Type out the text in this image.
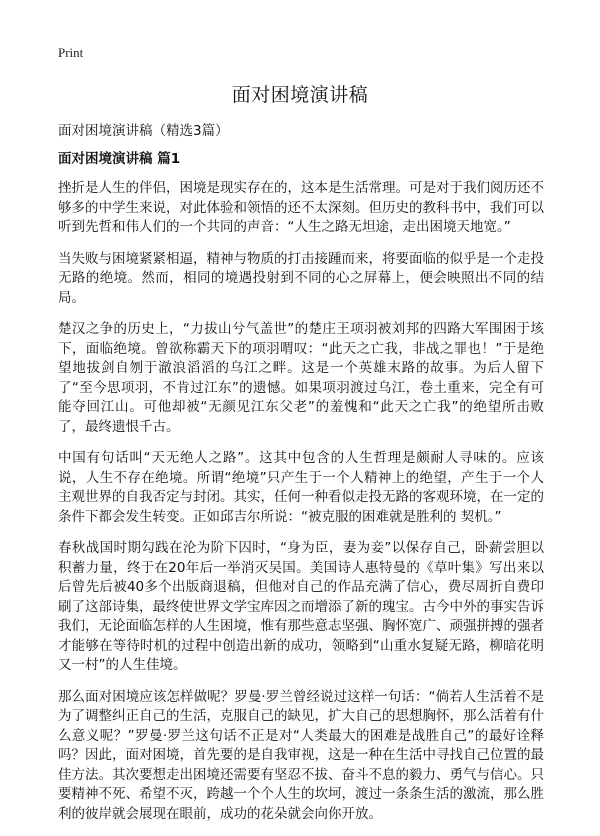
Print
面对困境演讲稿

面对困境演讲稿（精选3篇）

面对困境演讲稿 篇1

挫折是人生的伴侣，困境是现实存在的，这本是生活常理。可是对于我们阅历还不够多的中学生来说，对此体验和领悟的还不太深刻。但历史的教科书中，我们可以听到先哲和伟人们的一个共同的声音：“人生之路无坦途，走出困境天地宽。”

当失败与困境紧紧相逼，精神与物质的打击接踵而来，将要面临的似乎是一个走投无路的绝境。然而，相同的境遇投射到不同的心之屏幕上，便会映照出不同的结局。

楚汉之争的历史上，“力拔山兮气盖世”的楚庄王项羽被刘邦的四路大军围困于垓下，面临绝境。曾欲称霸天下的项羽喟叹：“此天之亡我，非战之罪也！”于是绝望地拔剑自刎于澈浪滔滔的乌江之畔。这是一个英雄末路的故事。为后人留下了“至今思项羽，不肯过江东”的遗憾。如果项羽渡过乌江，卷土重来，完全有可能夺回江山。可他却被“无颜见江东父老”的羞愧和“此天之亡我”的绝望所击败了，最终遗恨千古。

中国有句话叫“天无绝人之路”。这其中包含的人生哲理是颇耐人寻味的。应该说，人生不存在绝境。所谓“绝境”只产生于一个人精神上的绝望，产生于一个人主观世界的自我否定与封闭。其实，任何一种看似走投无路的客观环境，在一定的条件下都会发生转变。正如邱吉尔所说：“被克服的困难就是胜利的 契机。”

春秋战国时期勾践在沦为阶下囚时，“身为臣，妻为妾”以保存自己，卧薪尝胆以积蓄力量，终于在20年后一举消灭吴国。美国诗人惠特曼的《草叶集》写出来以后曾先后被40多个出版商退稿，但他对自己的作品充满了信心，费尽周折自费印刷了这部诗集，最终使世界文学宝库因之而增添了新的瑰宝。古今中外的事实告诉我们，无论面临怎样的人生困境，惟有那些意志坚强、胸怀宽广、顽强拼搏的强者才能够在等待时机的过程中创造出新的成功，领略到“山重水复疑无路，柳暗花明又一村”的人生佳境。

那么面对困境应该怎样做呢？罗曼·罗兰曾经说过这样一句话：“倘若人生活着不是为了调整纠正自己的生活，克服自己的缺见，扩大自己的思想胸怀，那么活着有什么意义呢？”罗曼·罗兰这句话不正是对“人类最大的困难是战胜自己”的最好诠释吗？因此，面对困境，首先要的是自我审视，这是一种在生活中寻找自己位置的最佳方法。其次要想走出困境还需要有坚忍不拔、奋斗不息的毅力、勇气与信心。只要精神不死、希望不灭，跨越一个个人生的坎坷，渡过一条条生活的激流，那么胜利的彼岸就会展现在眼前，成功的花朵就会向你开放。
